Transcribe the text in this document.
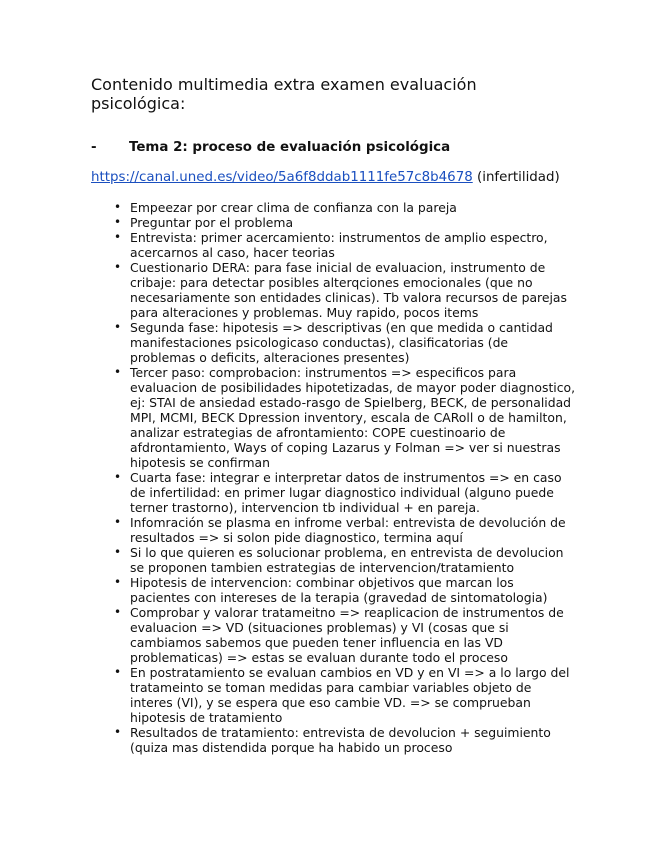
Contenido multimedia extra examen evaluación psicológica:
- Tema 2: proceso de evaluación psicológica
https://canal.uned.es/video/5a6f8ddab1111fe57c8b4678 (infertilidad)
• Empeezar por crear clima de confianza con la pareja
• Preguntar por el problema
• Entrevista: primer acercamiento: instrumentos de amplio espectro, acercarnos al caso, hacer teorias
• Cuestionario DERA: para fase inicial de evaluacion, instrumento de cribaje: para detectar posibles alterqciones emocionales (que no necesariamente son entidades clinicas). Tb valora recursos de parejas para alteraciones y problemas. Muy rapido, pocos items
• Segunda fase: hipotesis => descriptivas (en que medida o cantidad manifestaciones psicologicaso conductas), clasificatorias (de problemas o deficits, alteraciones presentes)
• Tercer paso: comprobacion: instrumentos => especificos para evaluacion de posibilidades hipotetizadas, de mayor poder diagnostico, ej: STAI de ansiedad estado-rasgo de Spielberg, BECK, de personalidad MPI, MCMI, BECK Dpression inventory, escala de CARoll o de hamilton, analizar estrategias de afrontamiento: COPE cuestinoario de afdrontamiento, Ways of coping Lazarus y Folman => ver si nuestras hipotesis se confirman
• Cuarta fase: integrar e interpretar datos de instrumentos => en caso de infertilidad: en primer lugar diagnostico individual (alguno puede terner trastorno), intervencion tb individual + en pareja.
• Infomración se plasma en infrome verbal: entrevista de devolución de resultados => si solon pide diagnostico, termina aquí
• Si lo que quieren es solucionar problema, en entrevista de devolucion se proponen tambien estrategias de intervencion/tratamiento
• Hipotesis de intervencion: combinar objetivos que marcan los pacientes con intereses de la terapia (gravedad de sintomatologia)
• Comprobar y valorar tratameitno => reaplicacion de instrumentos de evaluacion => VD (situaciones problemas) y VI (cosas que si cambiamos sabemos que pueden tener influencia en las VD problematicas) => estas se evaluan durante todo el proceso
• En postratamiento se evaluan cambios en VD y en VI => a lo largo del tratameinto se toman medidas para cambiar variables objeto de interes (VI), y se espera que eso cambie VD. => se comprueban hipotesis de tratamiento
• Resultados de tratamiento: entrevista de devolucion + seguimiento (quiza mas distendida porque ha habido un proceso
